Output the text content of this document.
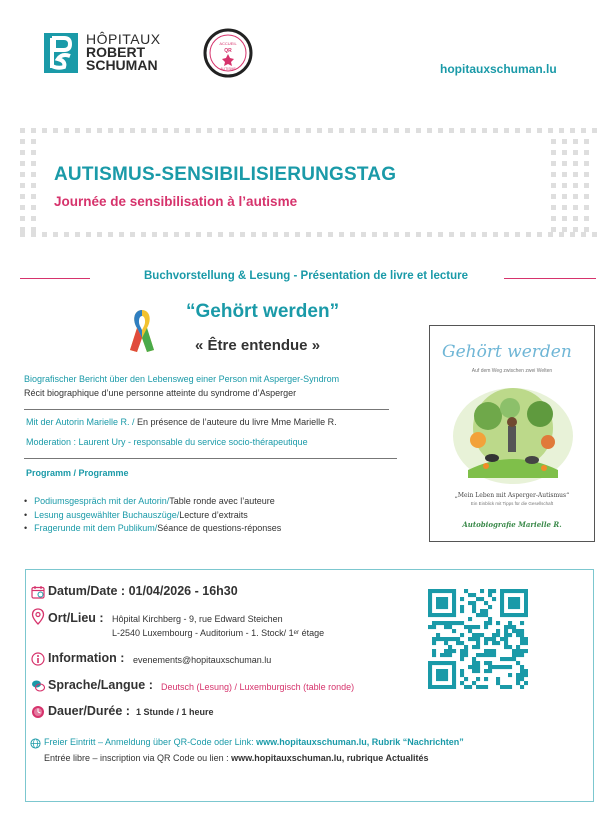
HÔPITAUX
ROBERT
SCHUMAN
ACCUEIL
QR
AUTISME	hopitauxschuman.lu
AUTISMUS-SENSIBILISIERUNGSTAG
Journée de sensibilisation à l’autisme
Buchvorstellung & Lesung - Présentation de livre et lecture
“Gehört werden”
« Être entendue »
Biografischer Bericht über den Lebensweg einer Person mit Asperger-Syndrom
Récit biographique d’une personne atteinte du syndrome d’Asperger
Mit der Autorin Marielle R. / En présence de l’auteure du livre Mme Marielle R.
Moderation : Laurent Ury - responsable du service socio-thérapeutique
Programm / Programme
• Podiumsgespräch mit der Autorin/Table ronde avec l’auteure
• Lesung ausgewählter Buchauszüge/Lecture d’extraits
• Fragerunde mit dem Publikum/Séance de questions-réponses
Gehört werden
Auf dem Weg zwischen zwei Welten
„Mein Leben mit Asperger-Autismus“
Ein Einblick mit Tipps für die Gesellschaft
Autobiografie Marielle R.
Datum/Date : 01/04/2026 - 16h30
Ort/Lieu : Hôpital Kirchberg - 9, rue Edward Steichen
L-2540 Luxembourg - Auditorium - 1. Stock/ 1ᵉʳ étage
Information : evenements@hopitauxschuman.lu
Sprache/Langue : Deutsch (Lesung) / Luxemburgisch (table ronde)
Dauer/Durée : 1 Stunde / 1 heure
Freier Eintritt – Anmeldung über QR-Code oder Link: www.hopitauxschuman.lu, Rubrik “Nachrichten”
Entrée libre – inscription via QR Code ou lien : www.hopitauxschuman.lu, rubrique Actualités
